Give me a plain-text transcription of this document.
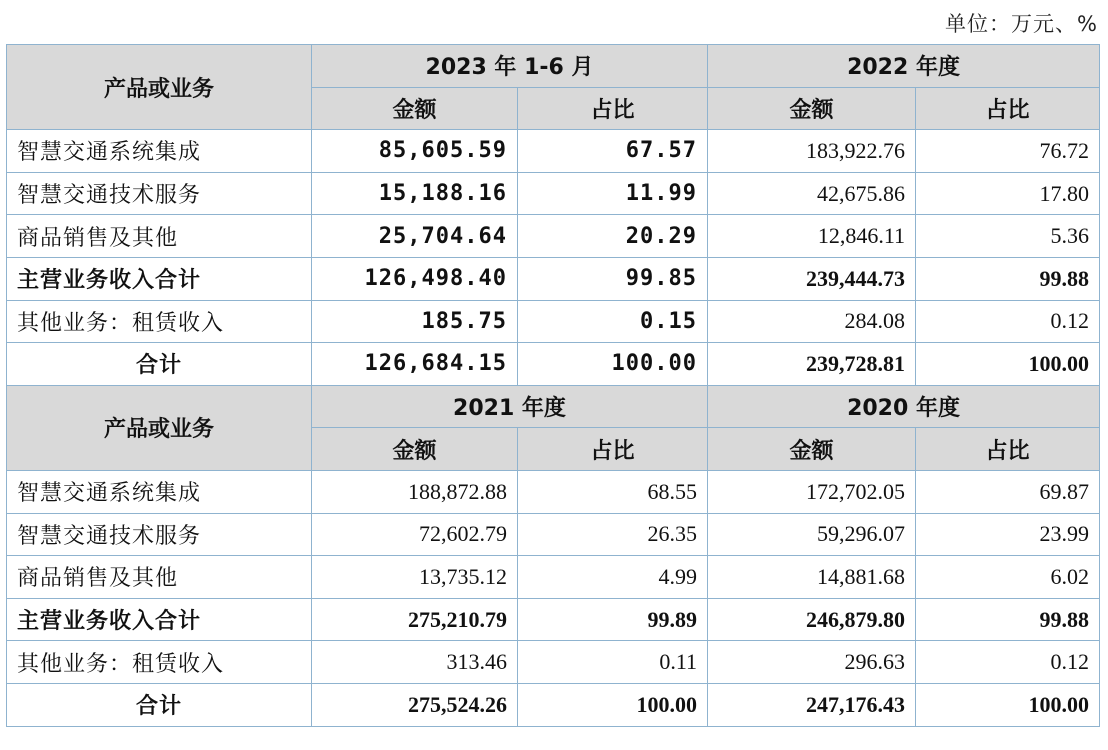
单位：万元、%
产品或业务	2023 年 1-6 月		2022 年度	
	金额	占比	金额	占比
智慧交通系统集成	85,605.59	67.57	183,922.76	76.72
智慧交通技术服务	15,188.16	11.99	42,675.86	17.80
商品销售及其他	25,704.64	20.29	12,846.11	5.36
主营业务收入合计	126,498.40	99.85	239,444.73	99.88
其他业务：租赁收入	185.75	0.15	284.08	0.12
合计	126,684.15	100.00	239,728.81	100.00
产品或业务	2021 年度		2020 年度	
	金额	占比	金额	占比
智慧交通系统集成	188,872.88	68.55	172,702.05	69.87
智慧交通技术服务	72,602.79	26.35	59,296.07	23.99
商品销售及其他	13,735.12	4.99	14,881.68	6.02
主营业务收入合计	275,210.79	99.89	246,879.80	99.88
其他业务：租赁收入	313.46	0.11	296.63	0.12
合计	275,524.26	100.00	247,176.43	100.00
